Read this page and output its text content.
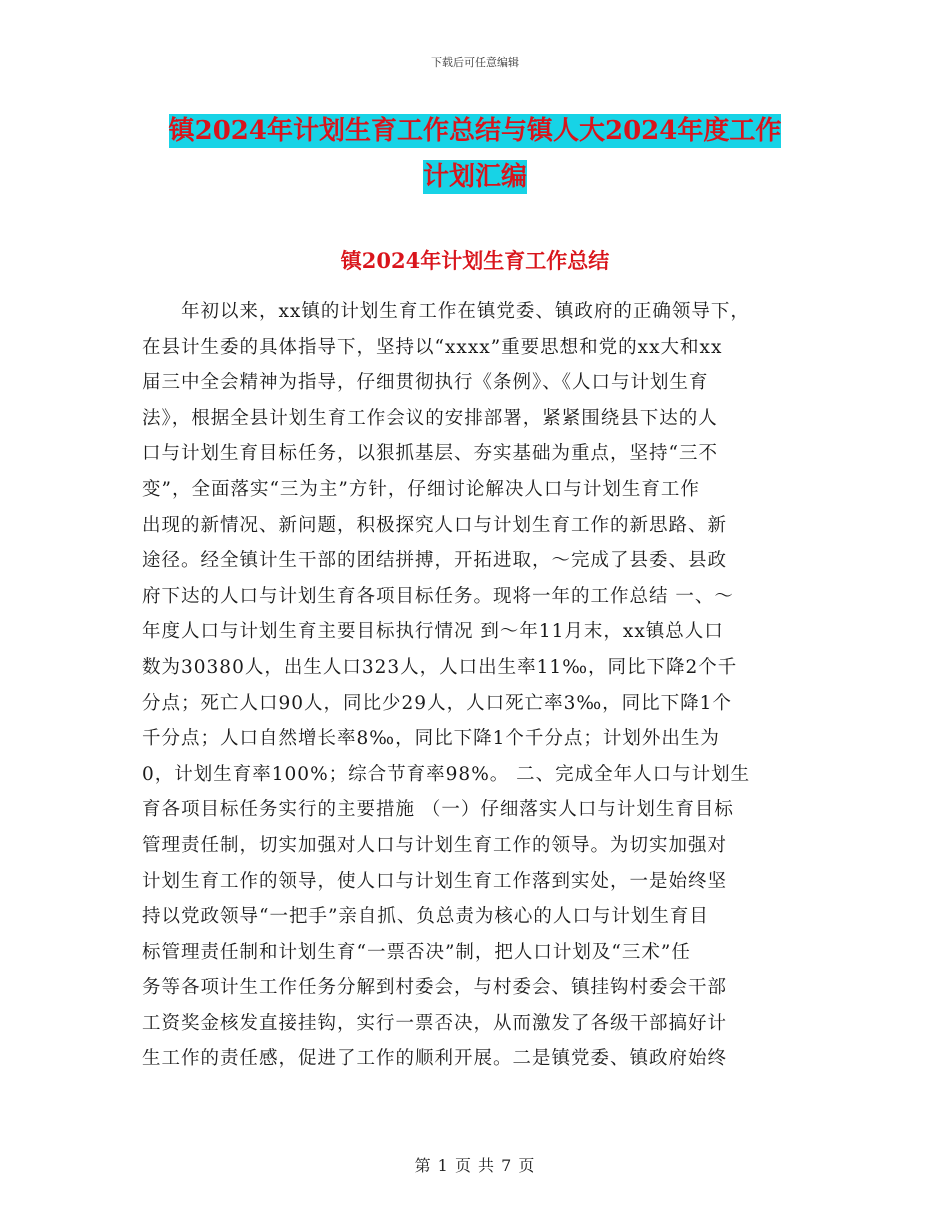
下载后可任意编辑
镇2024年计划生育工作总结与镇人大2024年度工作
计划汇编
镇2024年计划生育工作总结
　　年初以来，xx镇的计划生育工作在镇党委、镇政府的正确领导下，
在县计生委的具体指导下，坚持以“xxxx”重要思想和党的xx大和xx
届三中全会精神为指导，仔细贯彻执行《条例》、《人口与计划生育
法》，根据全县计划生育工作会议的安排部署，紧紧围绕县下达的人
口与计划生育目标任务，以狠抓基层、夯实基础为重点，坚持“三不
变”，全面落实“三为主”方针，仔细讨论解决人口与计划生育工作
出现的新情况、新问题，积极探究人口与计划生育工作的新思路、新
途径。经全镇计生干部的团结拼搏，开拓进取，～完成了县委、县政
府下达的人口与计划生育各项目标任务。现将一年的工作总结 一、～
年度人口与计划生育主要目标执行情况 到～年11月末，xx镇总人口
数为30380人，出生人口323人，人口出生率11‰，同比下降2个千
分点；死亡人口90人，同比少29人，人口死亡率3‰，同比下降1个
千分点；人口自然增长率8‰，同比下降1个千分点；计划外出生为
0，计划生育率100%；综合节育率98%。 二、完成全年人口与计划生
育各项目标任务实行的主要措施 （一）仔细落实人口与计划生育目标
管理责任制，切实加强对人口与计划生育工作的领导。为切实加强对
计划生育工作的领导，使人口与计划生育工作落到实处，一是始终坚
持以党政领导“一把手”亲自抓、负总责为核心的人口与计划生育目
标管理责任制和计划生育“一票否决”制，把人口计划及“三术”任
务等各项计生工作任务分解到村委会，与村委会、镇挂钩村委会干部
工资奖金核发直接挂钩，实行一票否决，从而激发了各级干部搞好计
生工作的责任感，促进了工作的顺利开展。二是镇党委、镇政府始终
第 1 页 共 7 页
